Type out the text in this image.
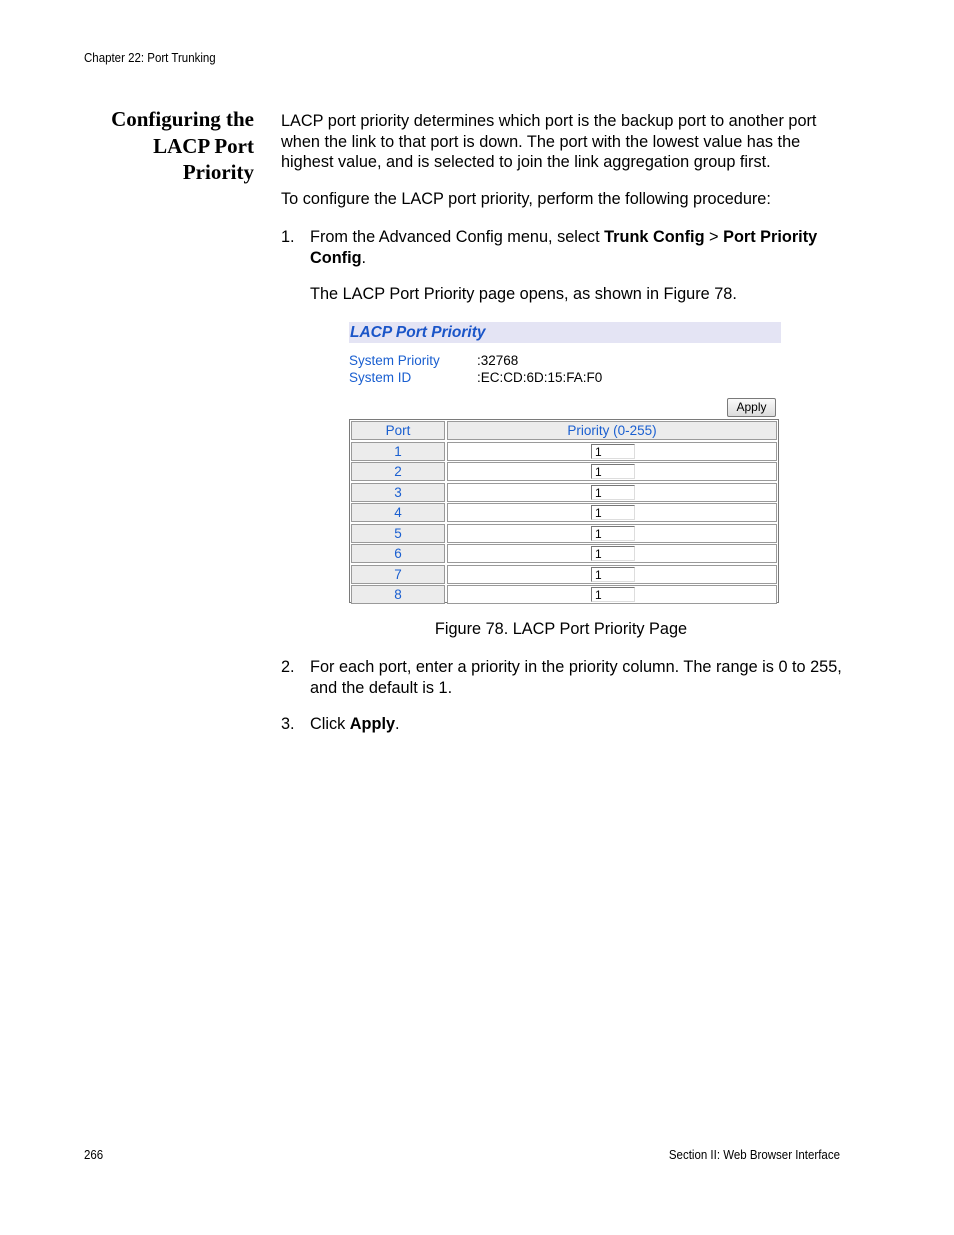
Chapter 22: Port Trunking
Configuring the
LACP Port
Priority
LACP port priority determines which port is the backup port to another port when the link to that port is down. The port with the lowest value has the highest value, and is selected to join the link aggregation group first.
To configure the LACP port priority, perform the following procedure:
1. From the Advanced Config menu, select Trunk Config > Port Priority Config.
The LACP Port Priority page opens, as shown in Figure 78.
LACP Port Priority
System Priority	:32768
System ID	:EC:CD:6D:15:FA:F0
Apply
Port	Priority (0-255)
1	1
2	1
3	1
4	1
5	1
6	1
7	1
8	1
Figure 78. LACP Port Priority Page
2. For each port, enter a priority in the priority column. The range is 0 to 255, and the default is 1.
3. Click Apply.
266	Section II: Web Browser Interface
